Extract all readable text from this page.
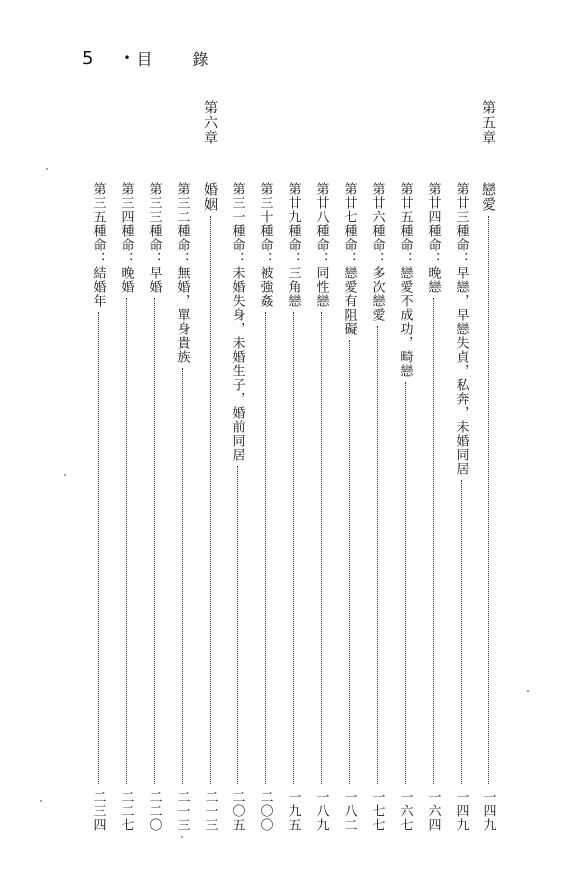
5	• 目	錄
第五章
戀愛
一四九
第廿三種命：早戀，早戀失貞，私奔，未婚同居
一四九
第廿四種命：晚戀
一六四
第廿五種命：戀愛不成功，畸戀
一六七
第廿六種命：多次戀愛
一七七
第廿七種命：戀愛有阻礙
一八二
第廿八種命：同性戀
一八九
第廿九種命：三角戀
一九五
第三十種命：被強姦
二〇〇
第三一種命：未婚失身，未婚生子，婚前同居
二〇五
第六章
婚姻
二一三
第三二種命：無婚，單身貴族
二一三
第三三種命：早婚
二二〇
第三四種命：晚婚
二二七
第三五種命：結婚年
二三四
